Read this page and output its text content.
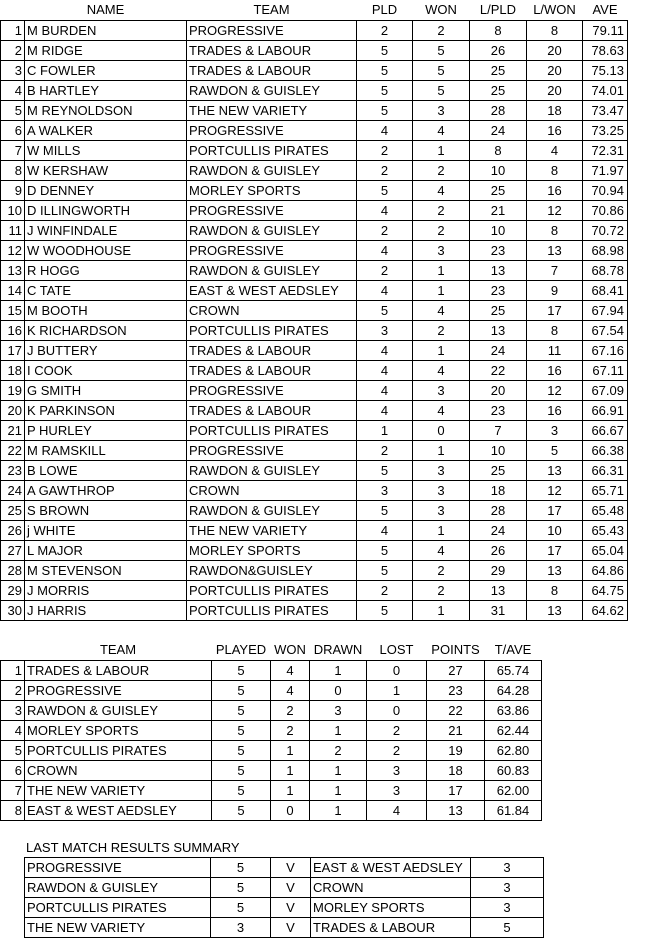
	NAME	TEAM	PLD	WON	L/PLD	L/WON	AVE
1	M BURDEN	PROGRESSIVE	2	2	8	8	79.11
2	M RIDGE	TRADES & LABOUR	5	5	26	20	78.63
3	C FOWLER	TRADES & LABOUR	5	5	25	20	75.13
4	B HARTLEY	RAWDON & GUISLEY	5	5	25	20	74.01
5	M REYNOLDSON	THE NEW VARIETY	5	3	28	18	73.47
6	A WALKER	PROGRESSIVE	4	4	24	16	73.25
7	W MILLS	PORTCULLIS PIRATES	2	1	8	4	72.31
8	W KERSHAW	RAWDON & GUISLEY	2	2	10	8	71.97
9	D DENNEY	MORLEY SPORTS	5	4	25	16	70.94
10	D ILLINGWORTH	PROGRESSIVE	4	2	21	12	70.86
11	J WINFINDALE	RAWDON & GUISLEY	2	2	10	8	70.72
12	W WOODHOUSE	PROGRESSIVE	4	3	23	13	68.98
13	R HOGG	RAWDON & GUISLEY	2	1	13	7	68.78
14	C TATE	EAST & WEST AEDSLEY	4	1	23	9	68.41
15	M BOOTH	CROWN	5	4	25	17	67.94
16	K RICHARDSON	PORTCULLIS PIRATES	3	2	13	8	67.54
17	J BUTTERY	TRADES & LABOUR	4	1	24	11	67.16
18	I COOK	TRADES & LABOUR	4	4	22	16	67.11
19	G SMITH	PROGRESSIVE	4	3	20	12	67.09
20	K PARKINSON	TRADES & LABOUR	4	4	23	16	66.91
21	P HURLEY	PORTCULLIS PIRATES	1	0	7	3	66.67
22	M RAMSKILL	PROGRESSIVE	2	1	10	5	66.38
23	B LOWE	RAWDON & GUISLEY	5	3	25	13	66.31
24	A GAWTHROP	CROWN	3	3	18	12	65.71
25	S BROWN	RAWDON & GUISLEY	5	3	28	17	65.48
26	j WHITE	THE NEW VARIETY	4	1	24	10	65.43
27	L MAJOR	MORLEY SPORTS	5	4	26	17	65.04
28	M STEVENSON	RAWDON&GUISLEY	5	2	29	13	64.86
29	J MORRIS	PORTCULLIS PIRATES	2	2	13	8	64.75
30	J HARRIS	PORTCULLIS PIRATES	5	1	31	13	64.62
	TEAM	PLAYED	WON	DRAWN	LOST	POINTS	T/AVE
1	TRADES & LABOUR	5	4	1	0	27	65.74
2	PROGRESSIVE	5	4	0	1	23	64.28
3	RAWDON & GUISLEY	5	2	3	0	22	63.86
4	MORLEY SPORTS	5	2	1	2	21	62.44
5	PORTCULLIS PIRATES	5	1	2	2	19	62.80
6	CROWN	5	1	1	3	18	60.83
7	THE NEW VARIETY	5	1	1	3	17	62.00
8	EAST & WEST AEDSLEY	5	0	1	4	13	61.84
LAST MATCH RESULTS SUMMARY
PROGRESSIVE	5	V	EAST & WEST AEDSLEY	3
RAWDON & GUISLEY	5	V	CROWN	3
PORTCULLIS PIRATES	5	V	MORLEY SPORTS	3
THE NEW VARIETY	3	V	TRADES & LABOUR	5
